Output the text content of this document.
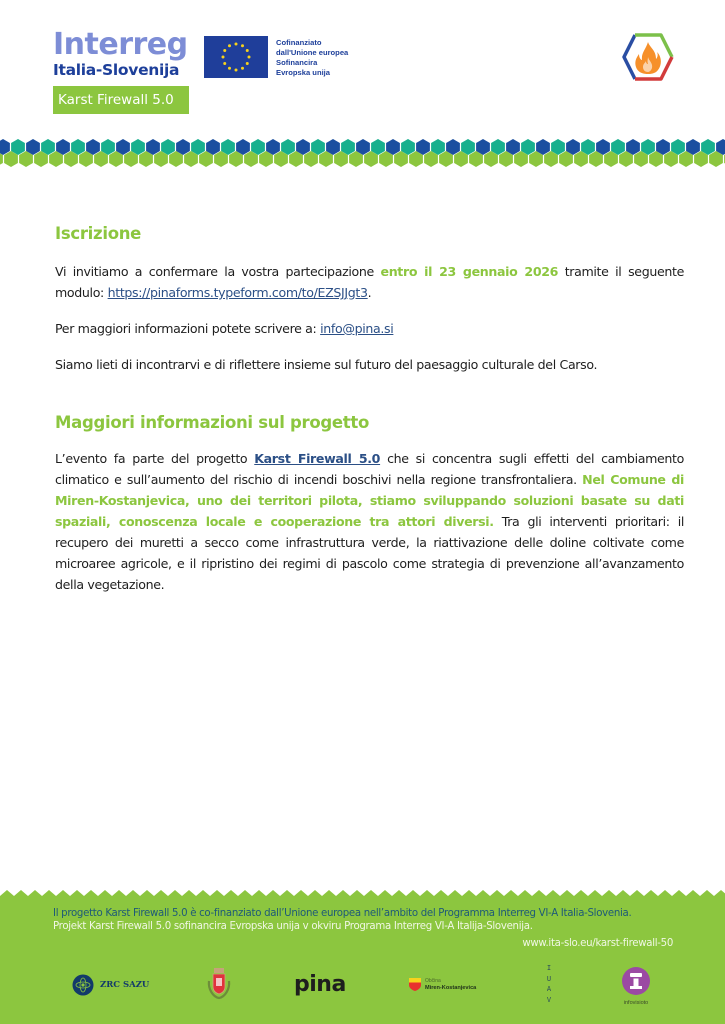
Interreg
Italia-Slovenija
Karst Firewall 5.0
Cofinanziato
dall'Unione europea
Sofinancira
Evropska unija
Iscrizione

Vi invitiamo a confermare la vostra partecipazione entro il 23 gennaio 2026 tramite il seguente modulo: https://pinaforms.typeform.com/to/EZSJJgt3.

Per maggiori informazioni potete scrivere a: info@pina.si

Siamo lieti di incontrarvi e di riflettere insieme sul futuro del paesaggio culturale del Carso.

Maggiori informazioni sul progetto

L’evento fa parte del progetto Karst Firewall 5.0 che si concentra sugli effetti del cambiamento climatico e sull’aumento del rischio di incendi boschivi nella regione transfrontaliera. Nel Comune di Miren-Kostanjevica, uno dei territori pilota, stiamo sviluppando soluzioni basate su dati spaziali, conoscenza locale e cooperazione tra attori diversi. Tra gli interventi prioritari: il recupero dei muretti a secco come infrastruttura verde, la riattivazione delle doline coltivate come microaree agricole, e il ripristino dei regimi di pascolo come strategia di prevenzione all’avanzamento della vegetazione.

Il progetto Karst Firewall 5.0 è co-finanziato dall’Unione europea nell’ambito del Programma Interreg VI-A Italia-Slovenia.
Projekt Karst Firewall 5.0 sofinancira Evropska unija v okviru Programa Interreg VI-A Italija-Slovenija.
www.ita-slo.eu/karst-firewall-50
ZRC SAZU	pina	Občina
Miren-Kostanjevica
I
U
A
V	infovisioto
